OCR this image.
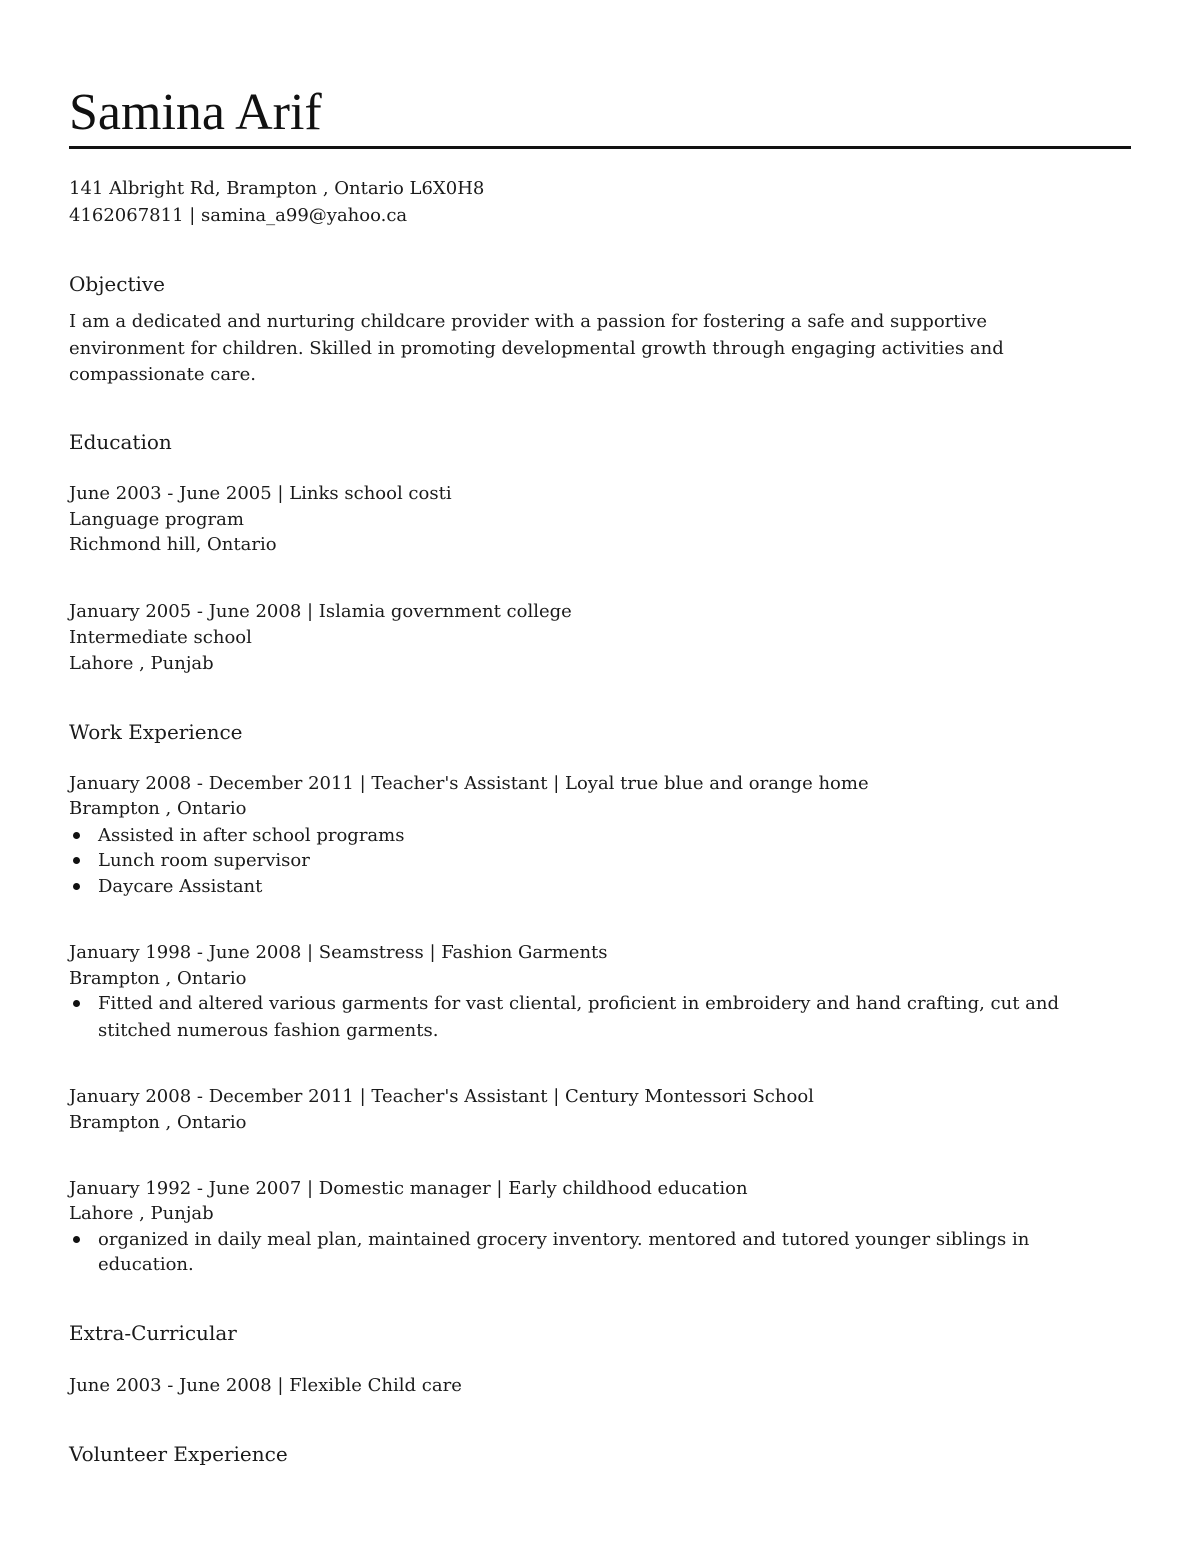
Samina Arif
141 Albright Rd, Brampton , Ontario L6X0H8
4162067811 | samina_a99@yahoo.ca
Objective
I am a dedicated and nurturing childcare provider with a passion for fostering a safe and supportive
environment for children. Skilled in promoting developmental growth through engaging activities and
compassionate care.
Education
June 2003 - June 2005 | Links school costi
Language program
Richmond hill, Ontario
January 2005 - June 2008 | Islamia government college
Intermediate school
Lahore , Punjab
Work Experience
January 2008 - December 2011 | Teacher's Assistant | Loyal true blue and orange home
Brampton , Ontario
Assisted in after school programs
Lunch room supervisor
Daycare Assistant
January 1998 - June 2008 | Seamstress | Fashion Garments
Brampton , Ontario
Fitted and altered various garments for vast cliental, proficient in embroidery and hand crafting, cut and
stitched numerous fashion garments.
January 2008 - December 2011 | Teacher's Assistant | Century Montessori School
Brampton , Ontario
January 1992 - June 2007 | Domestic manager | Early childhood education
Lahore , Punjab
organized in daily meal plan, maintained grocery inventory. mentored and tutored younger siblings in
education.
Extra-Curricular
June 2003 - June 2008 | Flexible Child care
Volunteer Experience
